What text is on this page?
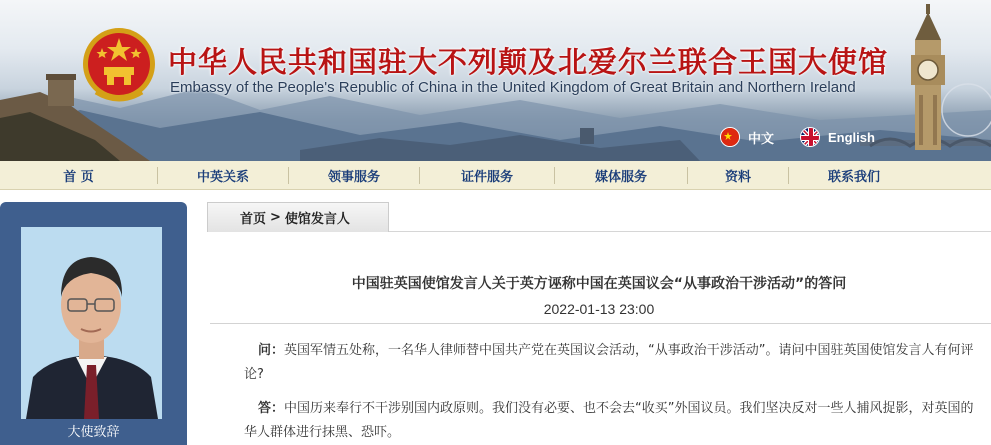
中华人民共和国驻大不列颠及北爱尔兰联合王国大使馆
Embassy of the People's Republic of China in the United Kingdom of Great Britain and Northern Ireland
中文	English
首 页	中英关系	领事服务	证件服务	媒体服务	资料	联系我们
大使致辞
首页 > 使馆发言人
中国驻英国使馆发言人关于英方诬称中国在英国议会“从事政治干涉活动”的答问
2022-01-13 23:00
问：英国军情五处称，一名华人律师替中国共产党在英国议会活动，“从事政治干涉活动”。请问中国驻英国使馆发言人有何评论?
答：中国历来奉行不干涉别国内政原则。我们没有必要、也不会去“收买”外国议员。我们坚决反对一些人捕风捉影，对英国的华人群体进行抹黑、恐吓。
